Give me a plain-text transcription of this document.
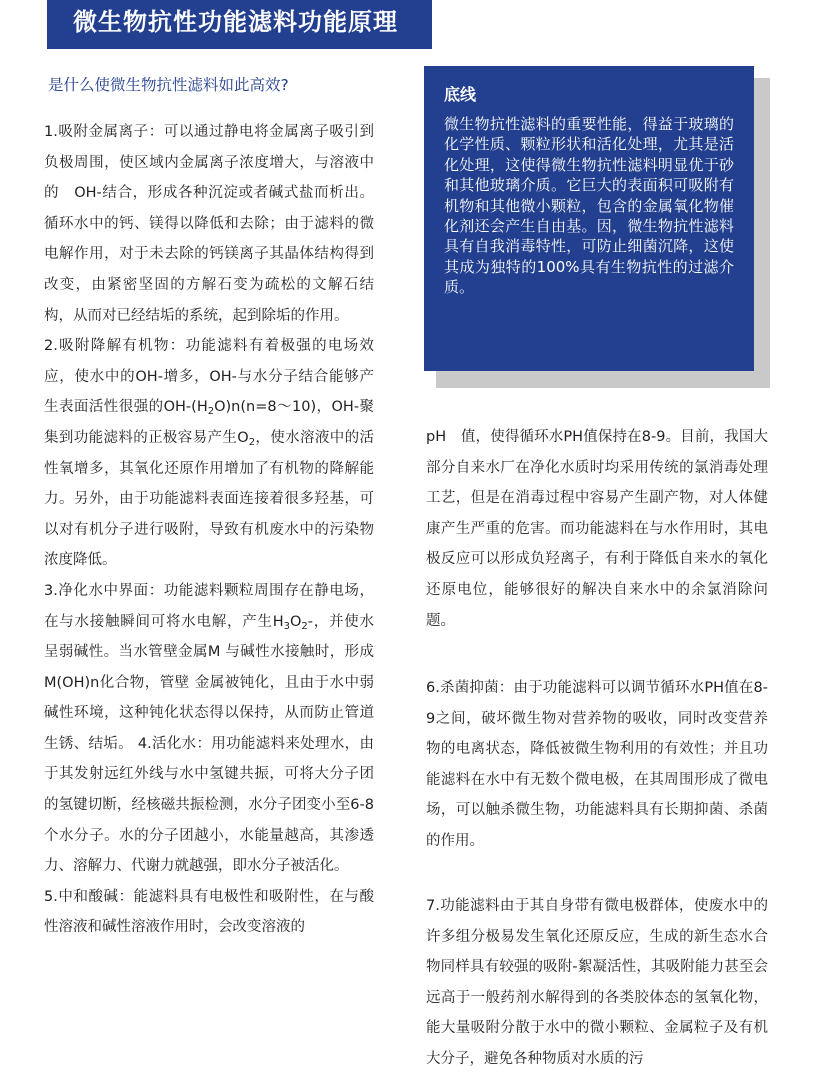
微生物抗性功能滤料功能原理
是什么使微生物抗性滤料如此高效?	底线
微生物抗性滤料的重要性能，得益于玻璃的化学性质、颗粒形状和活化处理，尤其是活化处理，这使得微生物抗性滤料明显优于砂和其他玻璃介质。它巨大的表面积可吸附有机物和其他微小颗粒，包含的金属氧化物催化剂还会产生自由基。因，微生物抗性滤料具有自我消毒特性，可防止细菌沉降，这使其成为独特的100%具有生物抗性的过滤介质。

1.吸附金属离子：可以通过静电将金属离子吸引到负极周围，使区域内金属离子浓度增大，与溶液中的　OH-结合，形成各种沉淀或者碱式盐而析出。循环水中的钙、镁得以降低和去除；由于滤料的微电解作用，对于未去除的钙镁离子其晶体结构得到改变，由紧密坚固的方解石变为疏松的文解石结构，从而对已经结垢的系统，起到除垢的作用。

2.吸附降解有机物：功能滤料有着极强的电场效应，使水中的OH-增多，OH-与水分子结合能够产生表面活性很强的$OH-(H_2O)n(n=8\sim 10)$，OH-聚集到功能滤料的正极容易产生$O_2$，使水溶液中的活性氧增多，其氧化还原作用增加了有机物的降解能力。另外，由于功能滤料表面连接着很多羟基，可以对有机分子进行吸附，导致有机废水中的污染物浓度降低。

3.净化水中界面：功能滤料颗粒周围存在静电场，在与水接触瞬间可将水电解，产生$H_3O_2-$，并使水呈弱碱性。当水管壁金属M 与碱性水接触时，形成M(OH)n化合物，管壁 金属被钝化，且由于水中弱碱性环境，这种钝化状态得以保持，从而防止管道生锈、结垢。 4.活化水：用功能滤料来处理水，由于其发射远红外线与水中氢键共振，可将大分子团的氢键切断，经核磁共振检测，水分子团变小至6-8个水分子。水的分子团越小，水能量越高，其渗透力、溶解力、代谢力就越强，即水分子被活化。

5.中和酸碱：能滤料具有电极性和吸附性，在与酸性溶液和碱性溶液作用时，会改变溶液的

pH　值，使得循环水PH值保持在8-9。目前，我国大部分自来水厂在净化水质时均采用传统的氯消毒处理工艺，但是在消毒过程中容易产生副产物，对人体健康产生严重的危害。而功能滤料在与水作用时，其电极反应可以形成负羟离子，有利于降低自来水的氧化还原电位，能够很好的解决自来水中的余氯消除问题。

6.杀菌抑菌：由于功能滤料可以调节循环水PH值在8-9之间，破坏微生物对营养物的吸收，同时改变营养物的电离状态，降低被微生物利用的有效性；并且功能滤料在水中有无数个微电极，在其周围形成了微电场，可以触杀微生物，功能滤料具有长期抑菌、杀菌的作用。

7.功能滤料由于其自身带有微电极群体，使废水中的许多组分极易发生氧化还原反应，生成的新生态水合物同样具有较强的吸附-絮凝活性，其吸附能力甚至会远高于一般药剂水解得到的各类胶体态的氢氧化物，能大量吸附分散于水中的微小颗粒、金属粒子及有机大分子，避免各种物质对水质的污
